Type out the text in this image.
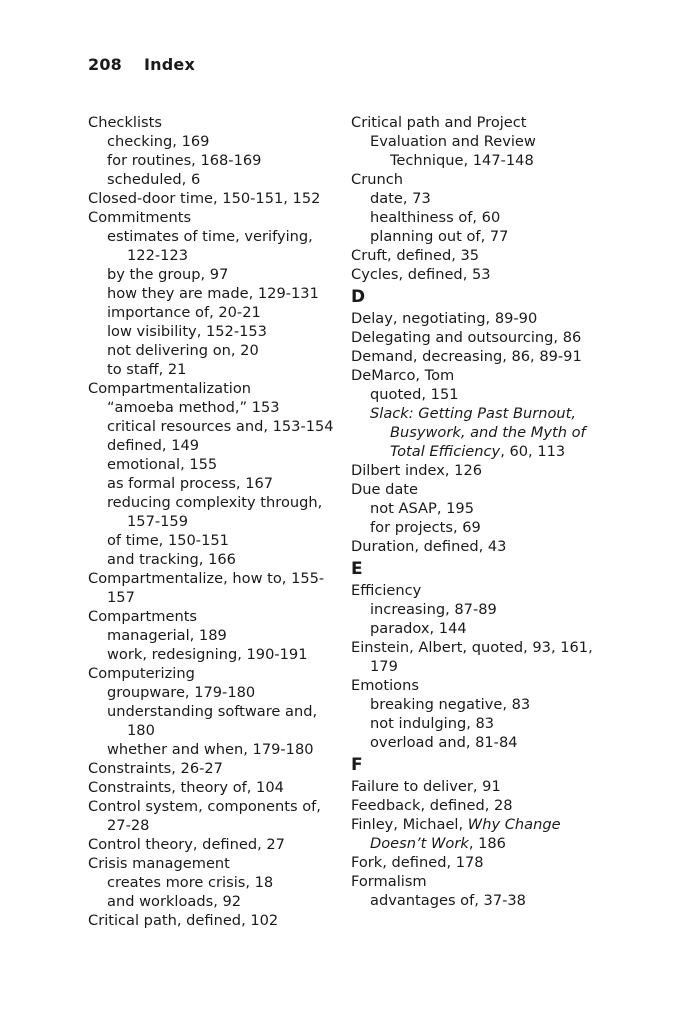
208 Index
Checklists
checking, 169
for routines, 168-169
scheduled, 6
Closed-door time, 150-151, 152
Commitments
estimates of time, verifying,
122-123
by the group, 97
how they are made, 129-131
importance of, 20-21
low visibility, 152-153
not delivering on, 20
to staff, 21
Compartmentalization
“amoeba method,” 153
critical resources and, 153-154
defined, 149
emotional, 155
as formal process, 167
reducing complexity through,
157-159
of time, 150-151
and tracking, 166
Compartmentalize, how to, 155-
157
Compartments
managerial, 189
work, redesigning, 190-191
Computerizing
groupware, 179-180
understanding software and,
180
whether and when, 179-180
Constraints, 26-27
Constraints, theory of, 104
Control system, components of,
27-28
Control theory, defined, 27
Crisis management
creates more crisis, 18
and workloads, 92
Critical path, defined, 102
Critical path and Project
Evaluation and Review
Technique, 147-148
Crunch
date, 73
healthiness of, 60
planning out of, 77
Cruft, defined, 35
Cycles, defined, 53
D
Delay, negotiating, 89-90
Delegating and outsourcing, 86
Demand, decreasing, 86, 89-91
DeMarco, Tom
quoted, 151
Slack: Getting Past Burnout,
Busywork, and the Myth of
Total Efficiency, 60, 113
Dilbert index, 126
Due date
not ASAP, 195
for projects, 69
Duration, defined, 43
E
Efficiency
increasing, 87-89
paradox, 144
Einstein, Albert, quoted, 93, 161,
179
Emotions
breaking negative, 83
not indulging, 83
overload and, 81-84
F
Failure to deliver, 91
Feedback, defined, 28
Finley, Michael, Why Change
Doesn’t Work, 186
Fork, defined, 178
Formalism
advantages of, 37-38
